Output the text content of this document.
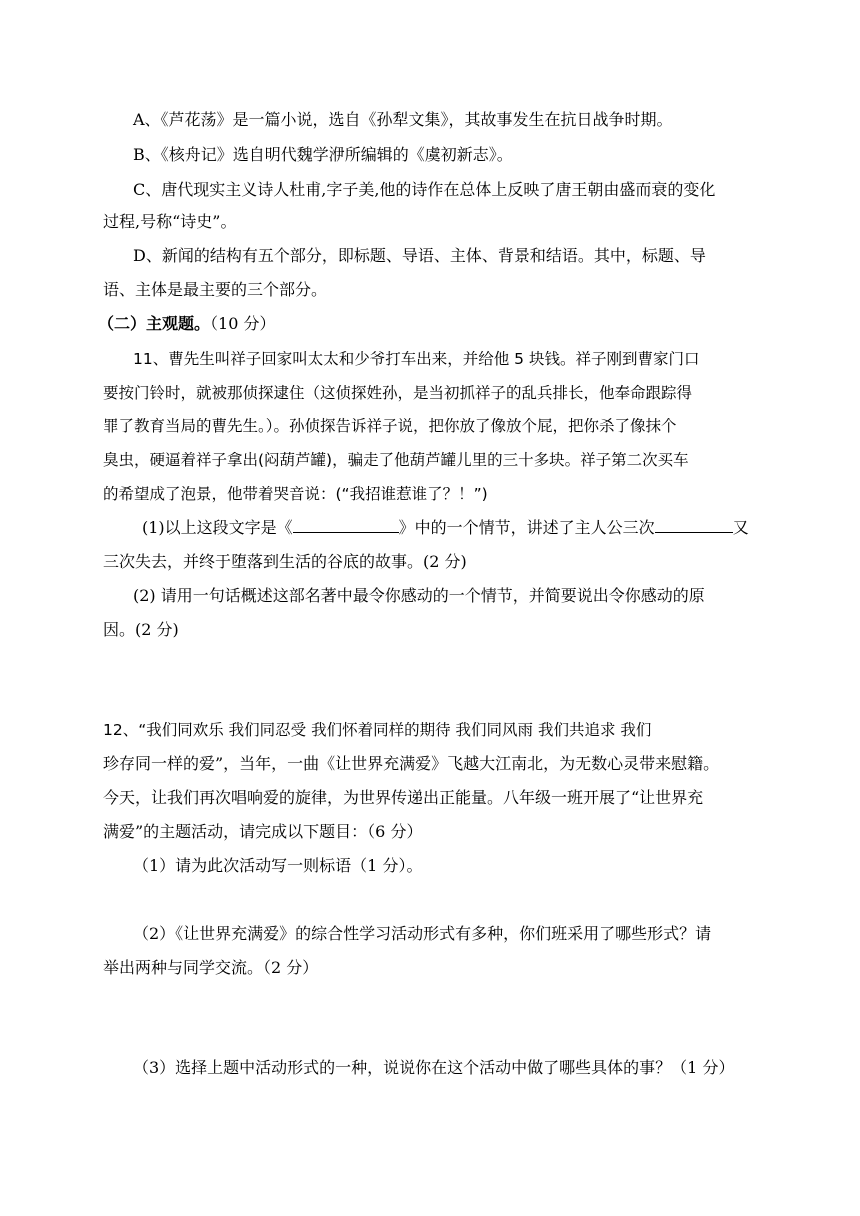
A、《芦花荡》是一篇小说，选自《孙犁文集》，其故事发生在抗日战争时期。
B、《核舟记》选自明代魏学洢所编辑的《虞初新志》。
C、唐代现实主义诗人杜甫,字子美,他的诗作在总体上反映了唐王朝由盛而衰的变化
过程,号称“诗史”。
D、新闻的结构有五个部分，即标题、导语、主体、背景和结语。其中，标题、导
语、主体是最主要的三个部分。
（二）主观题。（10 分）
11、曹先生叫祥子回家叫太太和少爷打车出来，并给他 5 块钱。祥子刚到曹家门口
要按门铃时，就被那侦探逮住（这侦探姓孙，是当初抓祥子的乱兵排长，他奉命跟踪得
罪了教育当局的曹先生。）。孙侦探告诉祥子说，把你放了像放个屁，把你杀了像抹个
臭虫，硬逼着祥子拿出(闷葫芦罐)，骗走了他葫芦罐儿里的三十多块。祥子第二次买车
的希望成了泡景，他带着哭音说：(“我招谁惹谁了？！”)
(1)以上这段文字是《	》中的一个情节，讲述了主人公三次	又
三次失去，并终于堕落到生活的谷底的故事。(2 分)
(2) 请用一句话概述这部名著中最令你感动的一个情节，并简要说出令你感动的原
因。(2 分)
12、“我们同欢乐 我们同忍受 我们怀着同样的期待 我们同风雨 我们共追求 我们
珍存同一样的爱”，当年，一曲《让世界充满爱》飞越大江南北，为无数心灵带来慰籍。
今天，让我们再次唱响爱的旋律，为世界传递出正能量。八年级一班开展了“让世界充
满爱”的主题活动，请完成以下题目：（6 分）
（1）请为此次活动写一则标语（1 分）。
（2）《让世界充满爱》的综合性学习活动形式有多种，你们班采用了哪些形式？请
举出两种与同学交流。（2 分）
（3）选择上题中活动形式的一种，说说你在这个活动中做了哪些具体的事？（1 分）
